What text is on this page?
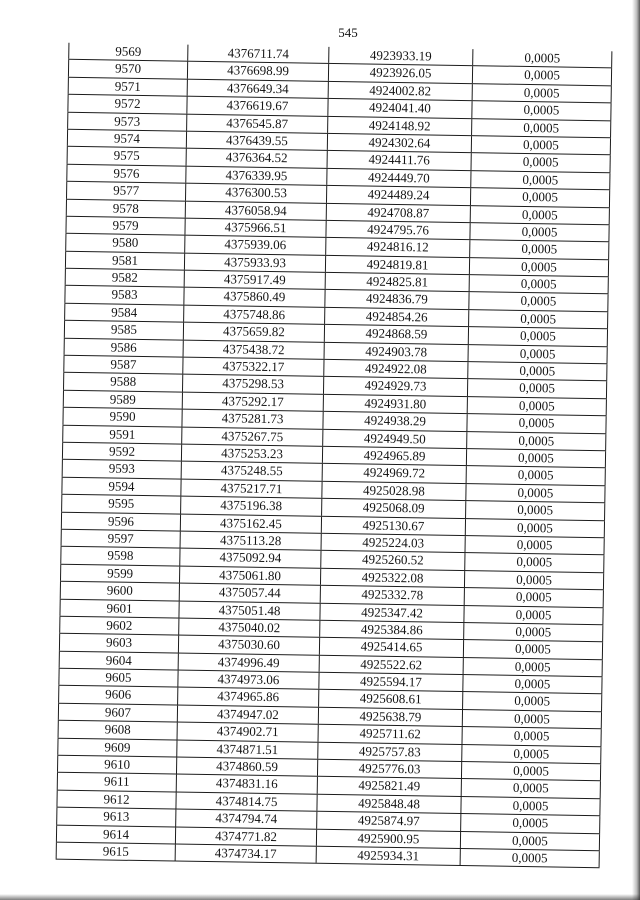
545
9569	4376711.74	4923933.19	0,0005
9570	4376698.99	4923926.05	0,0005
9571	4376649.34	4924002.82	0,0005
9572	4376619.67	4924041.40	0,0005
9573	4376545.87	4924148.92	0,0005
9574	4376439.55	4924302.64	0,0005
9575	4376364.52	4924411.76	0,0005
9576	4376339.95	4924449.70	0,0005
9577	4376300.53	4924489.24	0,0005
9578	4376058.94	4924708.87	0,0005
9579	4375966.51	4924795.76	0,0005
9580	4375939.06	4924816.12	0,0005
9581	4375933.93	4924819.81	0,0005
9582	4375917.49	4924825.81	0,0005
9583	4375860.49	4924836.79	0,0005
9584	4375748.86	4924854.26	0,0005
9585	4375659.82	4924868.59	0,0005
9586	4375438.72	4924903.78	0,0005
9587	4375322.17	4924922.08	0,0005
9588	4375298.53	4924929.73	0,0005
9589	4375292.17	4924931.80	0,0005
9590	4375281.73	4924938.29	0,0005
9591	4375267.75	4924949.50	0,0005
9592	4375253.23	4924965.89	0,0005
9593	4375248.55	4924969.72	0,0005
9594	4375217.71	4925028.98	0,0005
9595	4375196.38	4925068.09	0,0005
9596	4375162.45	4925130.67	0,0005
9597	4375113.28	4925224.03	0,0005
9598	4375092.94	4925260.52	0,0005
9599	4375061.80	4925322.08	0,0005
9600	4375057.44	4925332.78	0,0005
9601	4375051.48	4925347.42	0,0005
9602	4375040.02	4925384.86	0,0005
9603	4375030.60	4925414.65	0,0005
9604	4374996.49	4925522.62	0,0005
9605	4374973.06	4925594.17	0,0005
9606	4374965.86	4925608.61	0,0005
9607	4374947.02	4925638.79	0,0005
9608	4374902.71	4925711.62	0,0005
9609	4374871.51	4925757.83	0,0005
9610	4374860.59	4925776.03	0,0005
9611	4374831.16	4925821.49	0,0005
9612	4374814.75	4925848.48	0,0005
9613	4374794.74	4925874.97	0,0005
9614	4374771.82	4925900.95	0,0005
9615	4374734.17	4925934.31	0,0005
